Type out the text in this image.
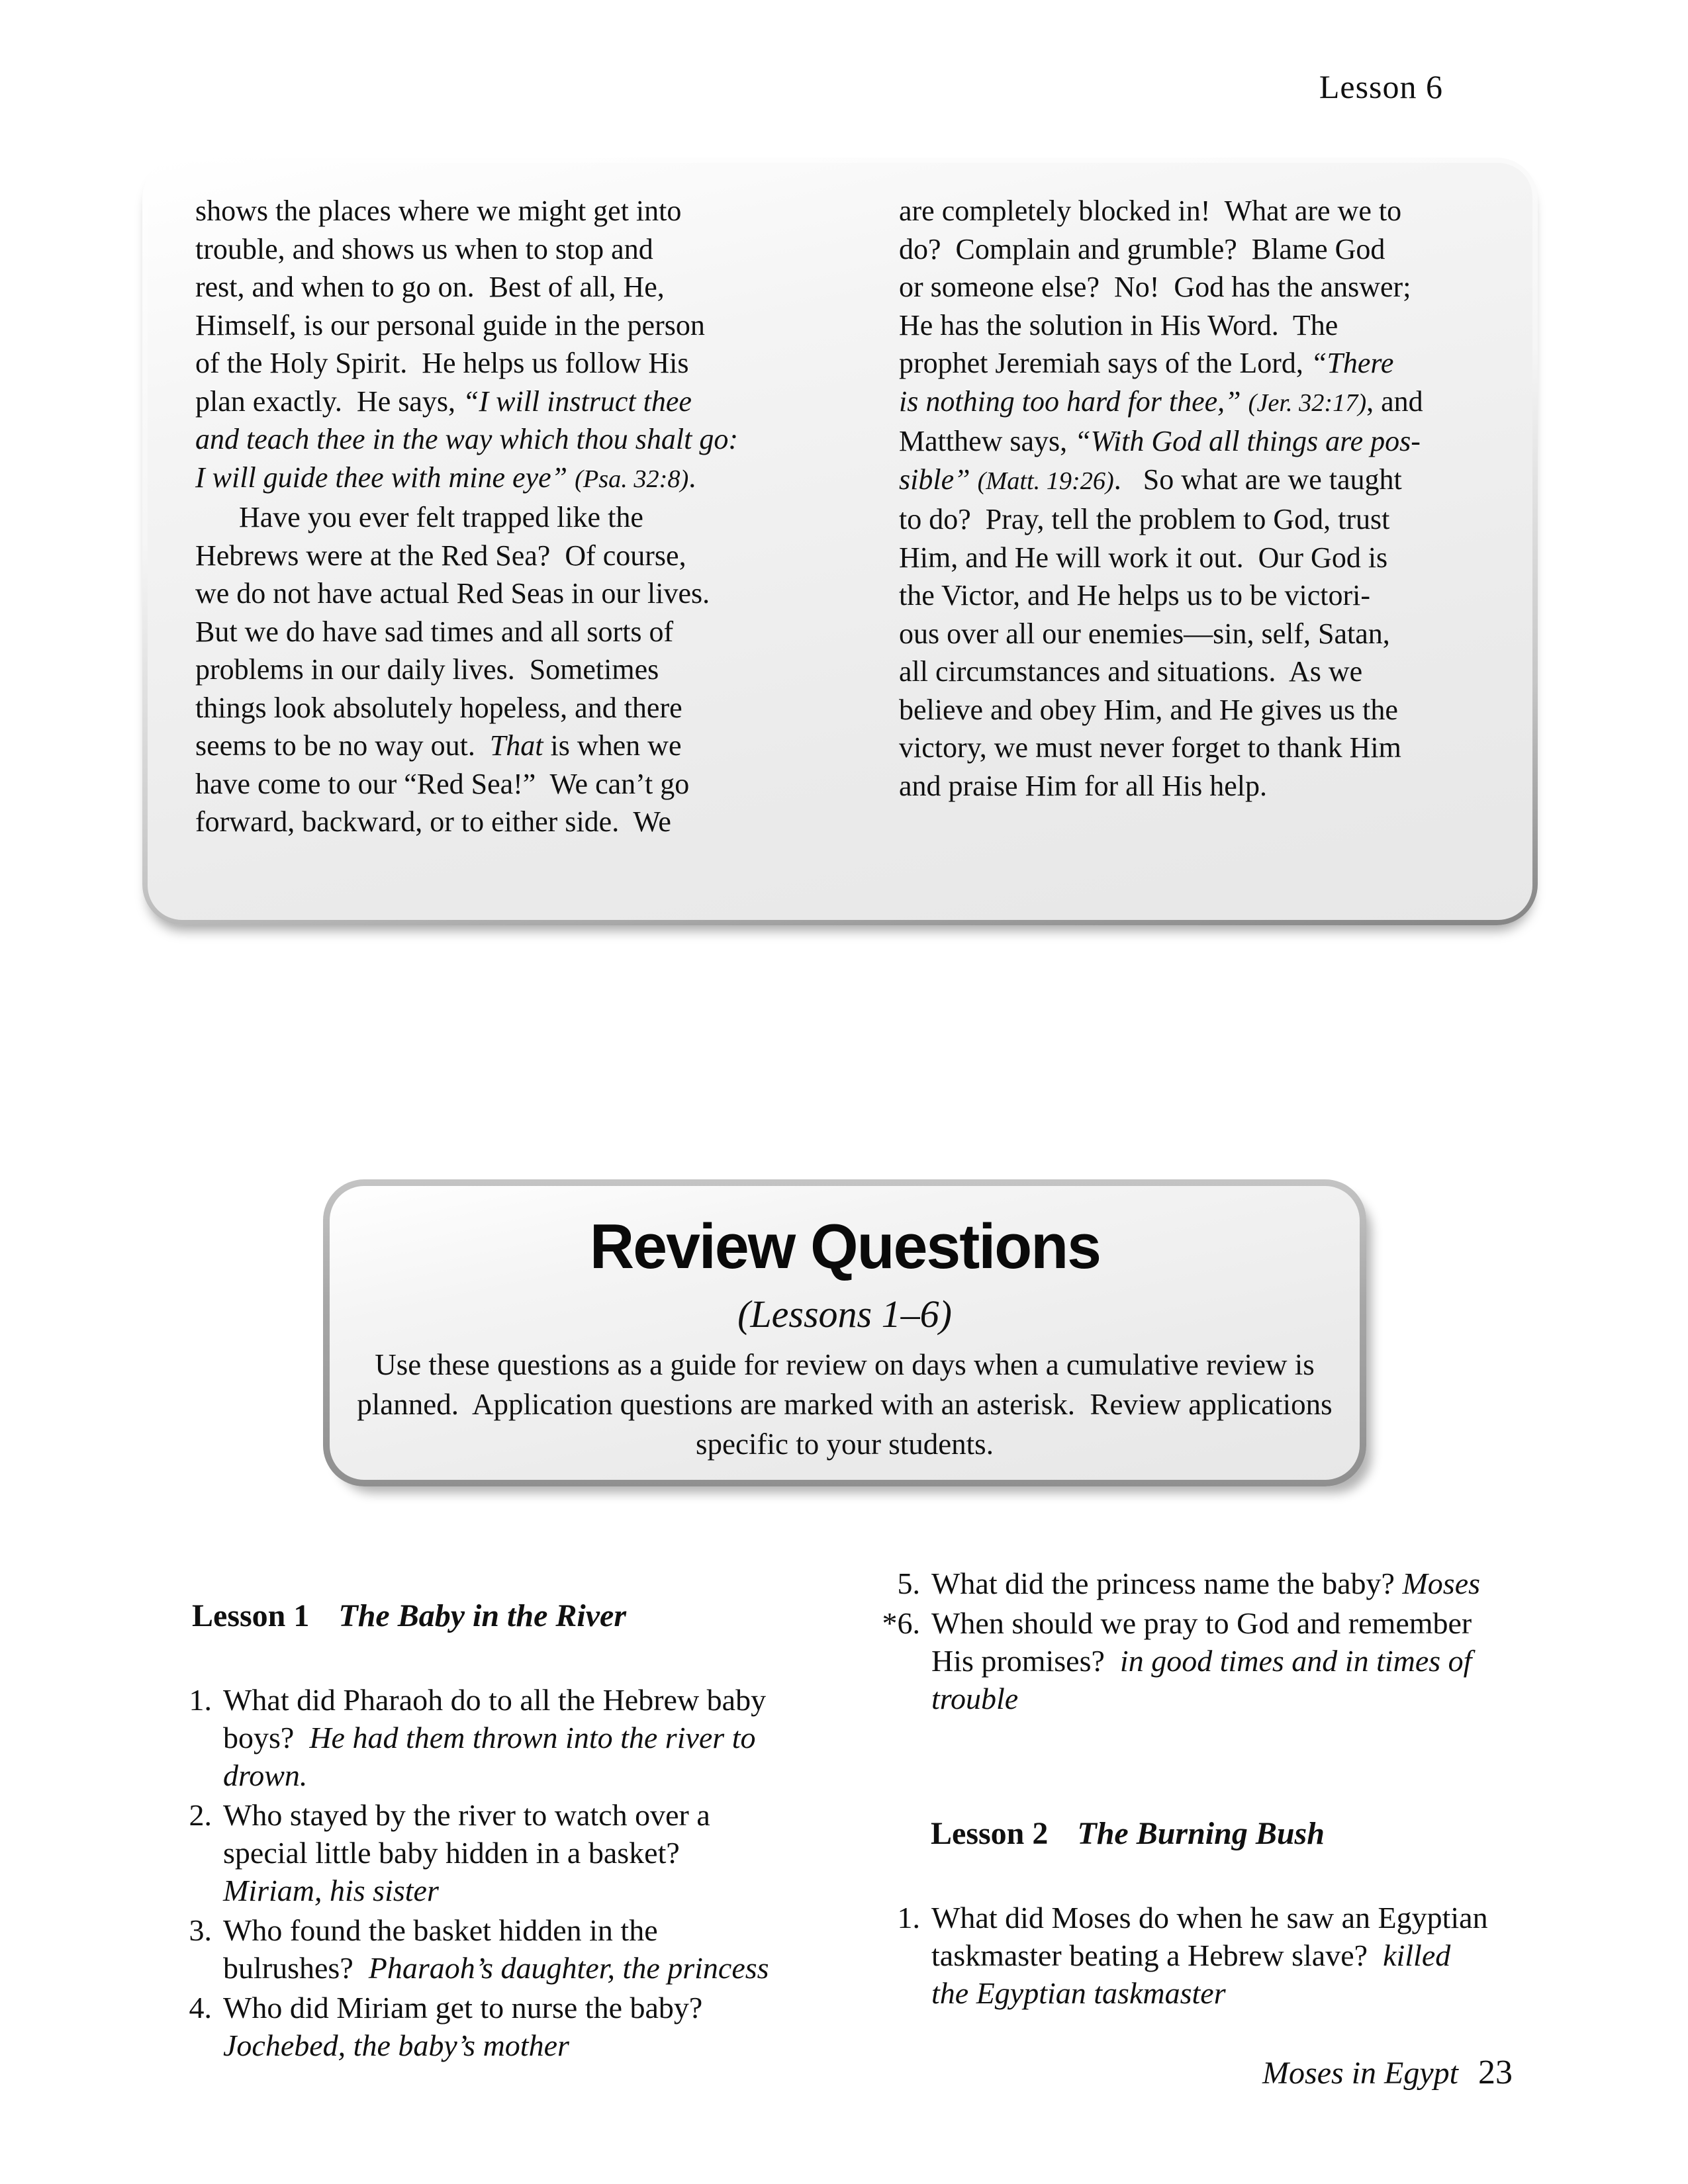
Lesson 6
shows the places where we might get into
trouble, and shows us when to stop and
rest, and when to go on.  Best of all, He,
Himself, is our personal guide in the person
of the Holy Spirit.  He helps us follow His
plan exactly.  He says, “I will instruct thee
and teach thee in the way which thou shalt go:
I will guide thee with mine eye” (Psa. 32:8).
Have you ever felt trapped like the
Hebrews were at the Red Sea?  Of course,
we do not have actual Red Seas in our lives.
But we do have sad times and all sorts of
problems in our daily lives.  Sometimes
things look absolutely hopeless, and there
seems to be no way out.  That is when we
have come to our “Red Sea!”  We can’t go
forward, backward, or to either side.  We
are completely blocked in!  What are we to
do?  Complain and grumble?  Blame God
or someone else?  No!  God has the answer;
He has the solution in His Word.  The
prophet Jeremiah says of the Lord, “There
is nothing too hard for thee,” (Jer. 32:17), and
Matthew says, “With God all things are pos-
sible” (Matt. 19:26).   So what are we taught
to do?  Pray, tell the problem to God, trust
Him, and He will work it out.  Our God is
the Victor, and He helps us to be victori-
ous over all our enemies—sin, self, Satan,
all circumstances and situations.  As we
believe and obey Him, and He gives us the
victory, we must never forget to thank Him
and praise Him for all His help.
Review Questions
(Lessons 1–6)
Use these questions as a guide for review on days when a cumulative review is planned.  Application questions are marked with an asterisk.  Review applications specific to your students.

Lesson 1 The Baby in the River

1. What did Pharaoh do to all the Hebrew baby boys?  He had them thrown into the river to drown.
2. Who stayed by the river to watch over a special little baby hidden in a basket? Miriam, his sister
3. Who found the basket hidden in the bulrushes?  Pharaoh’s daughter, the princess
4. Who did Miriam get to nurse the baby? Jochebed, the baby’s mother
5. What did the princess name the baby? Moses
*6. When should we pray to God and remember His promises?  in good times and in times of trouble

Lesson 2 The Burning Bush

1. What did Moses do when he saw an Egyptian taskmaster beating a Hebrew slave?  killed the Egyptian taskmaster
Moses in Egypt 23
